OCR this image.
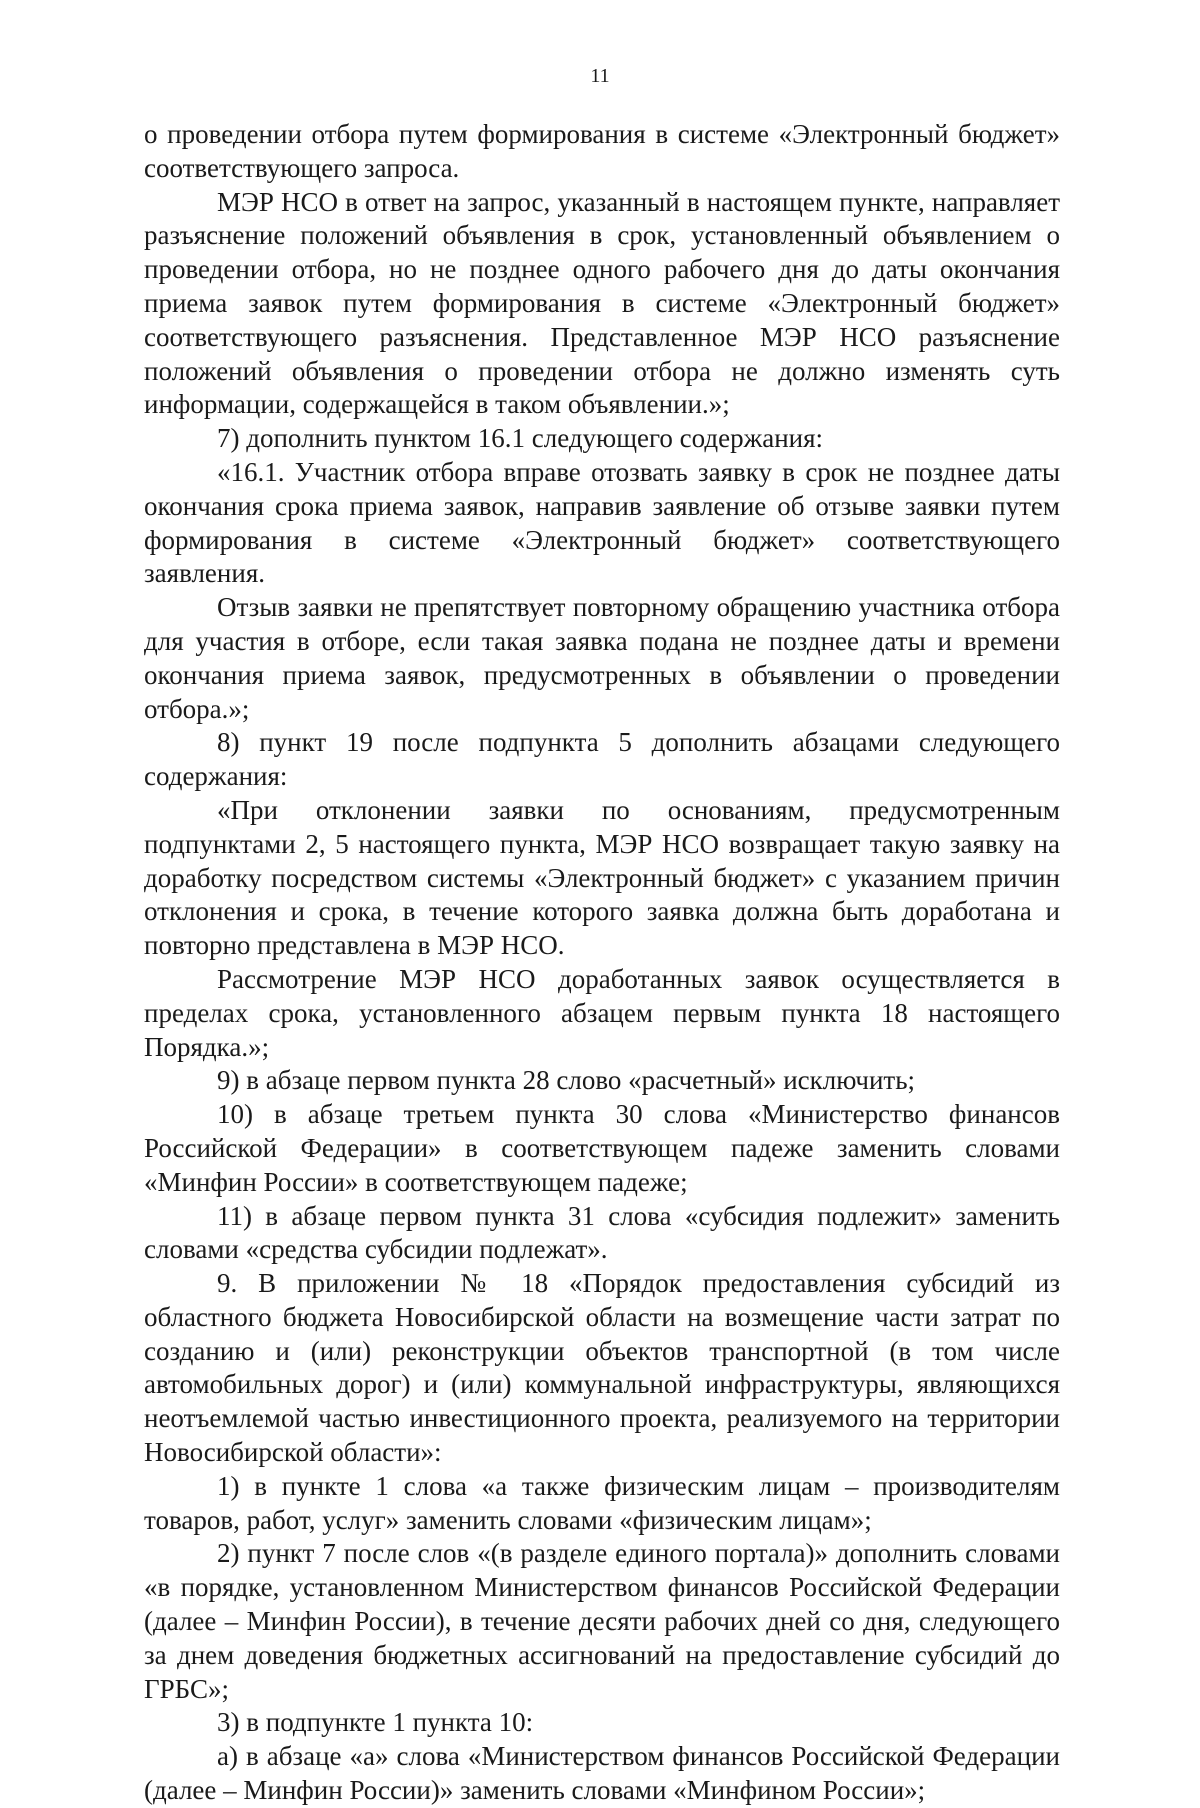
11

о проведении отбора путем формирования в системе «Электронный бюджет» соответствующего запроса.

МЭР НСО в ответ на запрос, указанный в настоящем пункте, направляет разъяснение положений объявления в срок, установленный объявлением о проведении отбора, но не позднее одного рабочего дня до даты окончания приема заявок путем формирования в системе «Электронный бюджет» соответствующего разъяснения. Представленное МЭР НСО разъяснение положений объявления о проведении отбора не должно изменять суть информации, содержащейся в таком объявлении.»;

7) дополнить пунктом 16.1 следующего содержания:

«16.1. Участник отбора вправе отозвать заявку в срок не позднее даты окончания срока приема заявок, направив заявление об отзыве заявки путем формирования в системе «Электронный бюджет» соответствующего заявления.

Отзыв заявки не препятствует повторному обращению участника отбора для участия в отборе, если такая заявка подана не позднее даты и времени окончания приема заявок, предусмотренных в объявлении о проведении отбора.»;

8) пункт 19 после подпункта 5 дополнить абзацами следующего содержания:

«При отклонении заявки по основаниям, предусмотренным подпунктами 2, 5 настоящего пункта, МЭР НСО возвращает такую заявку на доработку посредством системы «Электронный бюджет» с указанием причин отклонения и срока, в течение которого заявка должна быть доработана и повторно представлена в МЭР НСО.

Рассмотрение МЭР НСО доработанных заявок осуществляется в пределах срока, установленного абзацем первым пункта 18 настоящего Порядка.»;

9) в абзаце первом пункта 28 слово «расчетный» исключить;

10) в абзаце третьем пункта 30 слова «Министерство финансов Российской Федерации» в соответствующем падеже заменить словами «Минфин России» в соответствующем падеже;

11) в абзаце первом пункта 31 слова «субсидия подлежит» заменить словами «средства субсидии подлежат».

9. В приложении № 18 «Порядок предоставления субсидий из областного бюджета Новосибирской области на возмещение части затрат по созданию и (или) реконструкции объектов транспортной (в том числе автомобильных дорог) и (или) коммунальной инфраструктуры, являющихся неотъемлемой частью инвестиционного проекта, реализуемого на территории Новосибирской области»:

1) в пункте 1 слова «а также физическим лицам – производителям товаров, работ, услуг» заменить словами «физическим лицам»;

2) пункт 7 после слов «(в разделе единого портала)» дополнить словами «в порядке, установленном Министерством финансов Российской Федерации (далее – Минфин России), в течение десяти рабочих дней со дня, следующего за днем доведения бюджетных ассигнований на предоставление субсидий до ГРБС»;

3) в подпункте 1 пункта 10:

а) в абзаце «а» слова «Министерством финансов Российской Федерации (далее – Минфин России)» заменить словами «Минфином России»;
